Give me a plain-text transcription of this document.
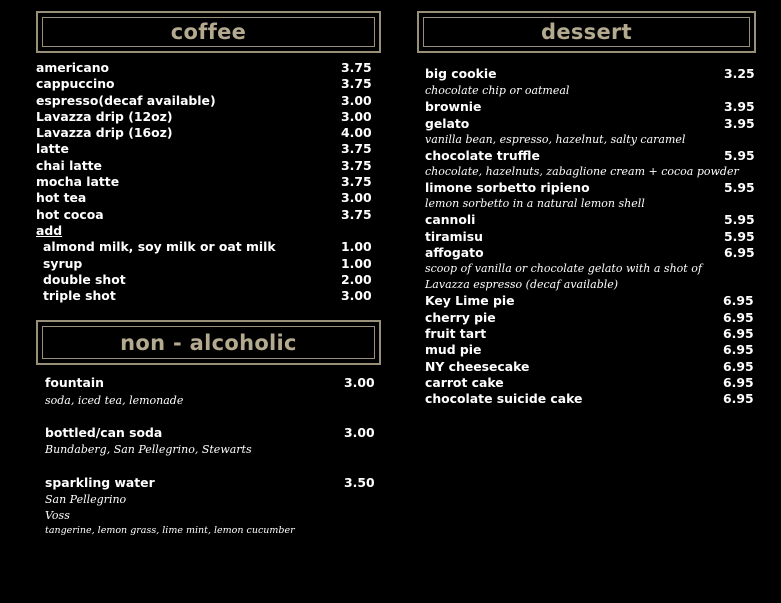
coffee
americano	3.75
cappuccino	3.75
espresso(decaf available)	3.00
Lavazza drip (12oz)	3.00
Lavazza drip (16oz)	4.00
latte	3.75
chai latte	3.75
mocha latte	3.75
hot tea	3.00
hot cocoa	3.75
add
almond milk, soy milk or oat milk	1.00
syrup	1.00
double shot	2.00
triple shot	3.00
non - alcoholic
fountain	3.00
soda, iced tea, lemonade
bottled/can soda	3.00
Bundaberg, San Pellegrino, Stewarts
sparkling water	3.50
San Pellegrino
Voss
tangerine, lemon grass, lime mint, lemon cucumber
dessert
big cookie	3.25
chocolate chip or oatmeal
brownie	3.95
gelato	3.95
vanilla bean, espresso, hazelnut, salty caramel
chocolate truffle	5.95
chocolate, hazelnuts, zabaglione cream + cocoa powder
limone sorbetto ripieno	5.95
lemon sorbetto in a natural lemon shell
cannoli	5.95
tiramisu	5.95
affogato	6.95
scoop of vanilla or chocolate gelato with a shot of
Lavazza espresso (decaf available)
Key Lime pie	6.95
cherry pie	6.95
fruit tart	6.95
mud pie	6.95
NY cheesecake	6.95
carrot cake	6.95
chocolate suicide cake	6.95
